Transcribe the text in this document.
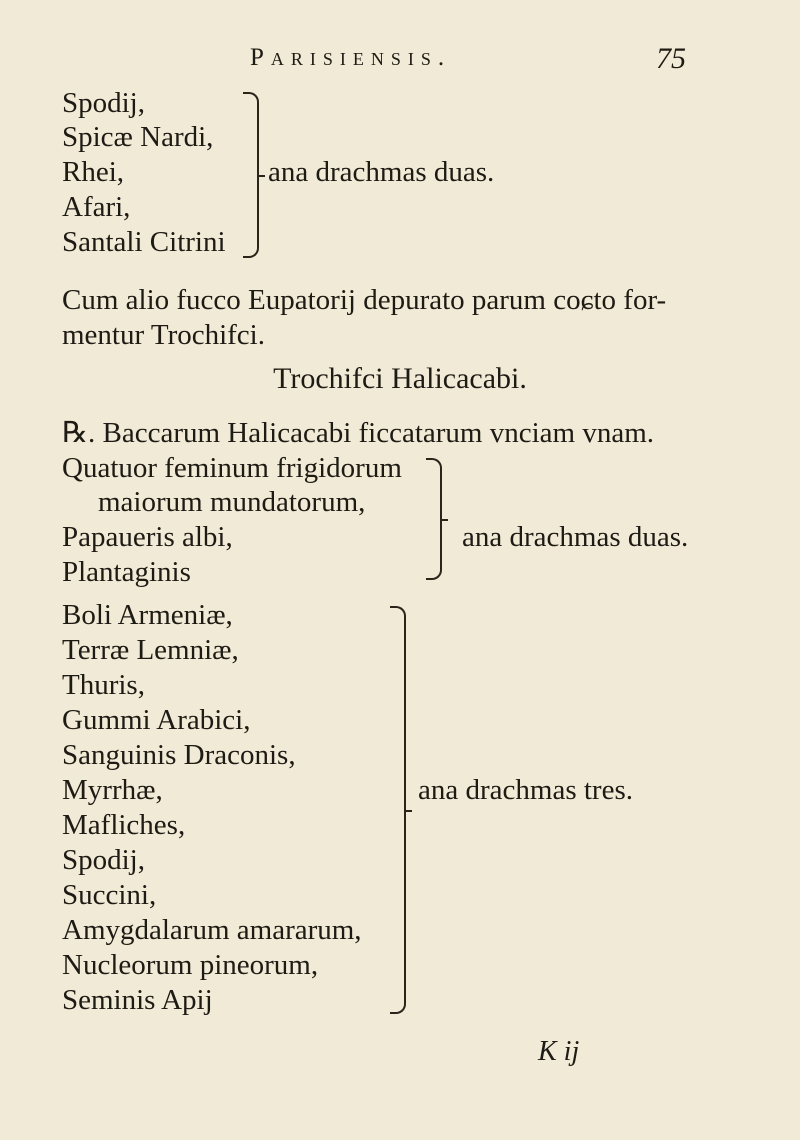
Parisiensis.	75
Spodij,
Spicæ Nardi,
Rhei,
Afari,
Santali Citrini
ana drachmas duas.
Cum alio fucco Eupatorij depurato parum coɕto for-
mentur Trochifci.
Trochifci Halicacabi.
℞. Baccarum Halicacabi ficcatarum vnciam vnam.
Quatuor feminum frigidorum
maiorum mundatorum,
Papaueris albi,
Plantaginis
ana drachmas duas.
Boli Armeniæ,
Terræ Lemniæ,
Thuris,
Gummi Arabici,
Sanguinis Draconis,
Myrrhæ,
Mafliches,
Spodij,
Succini,
Amygdalarum amararum,
Nucleorum pineorum,
Seminis Apij
ana drachmas tres.
K ij
